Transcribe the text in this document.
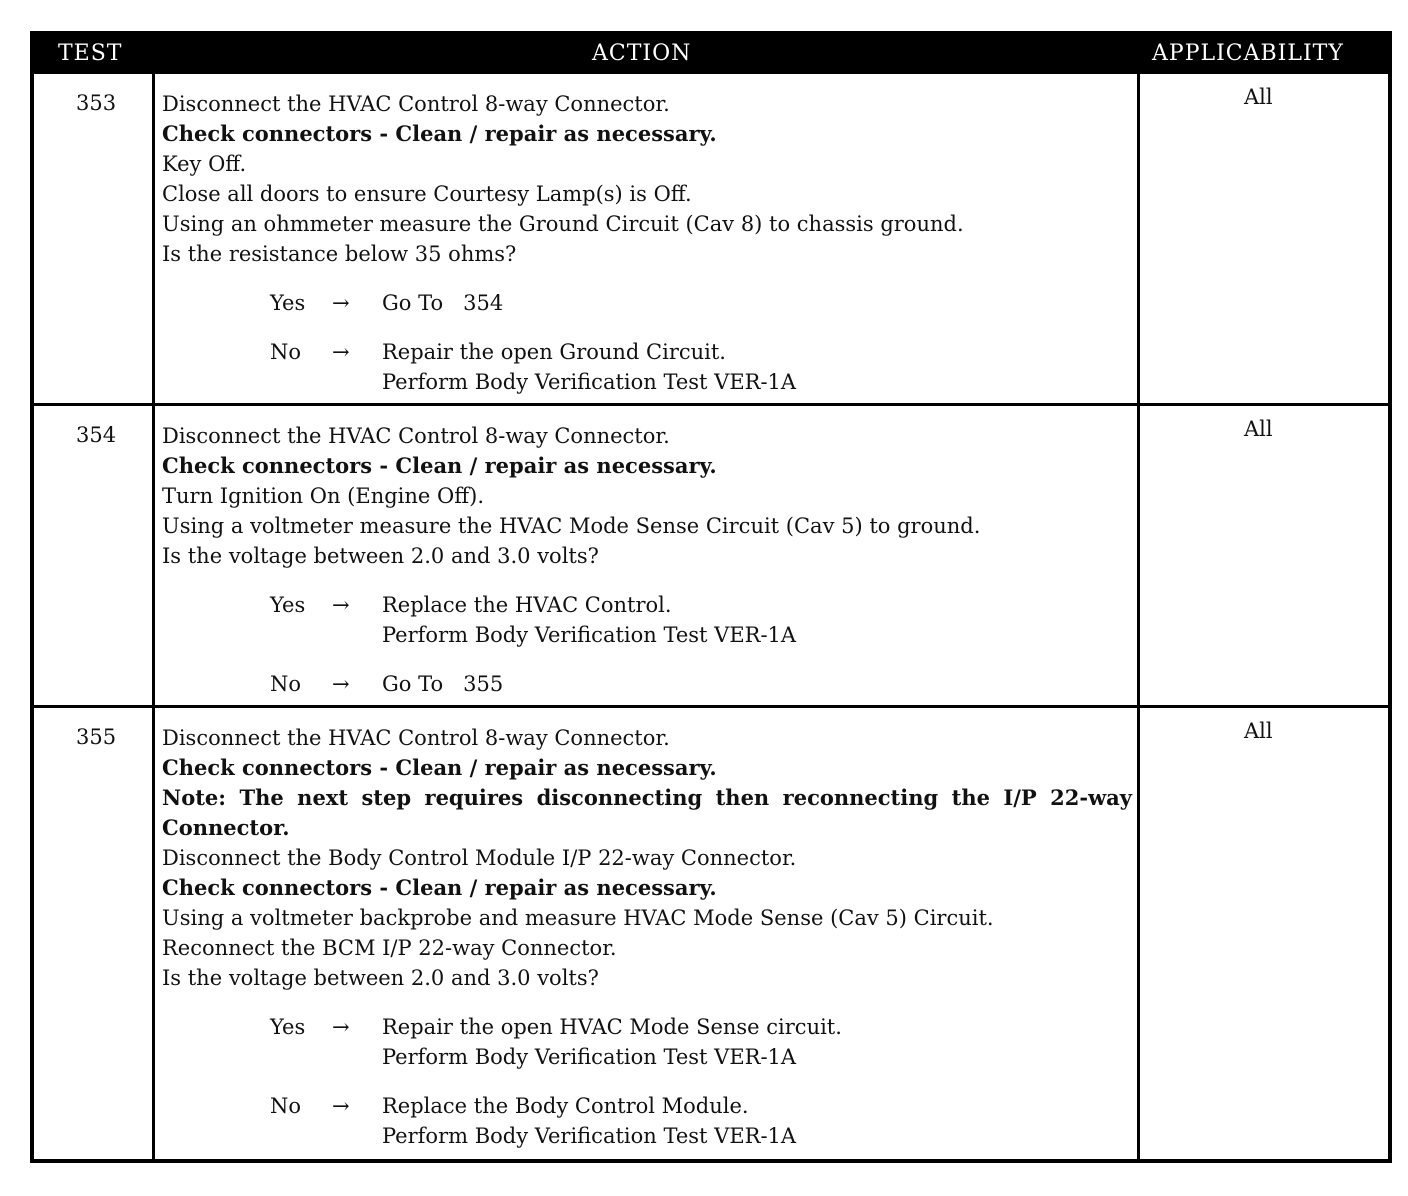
TEST	ACTION	APPLICABILITY
353 Disconnect the HVAC Control 8-way Connector.
Check connectors - Clean / repair as necessary.
Key Off.
Close all doors to ensure Courtesy Lamp(s) is Off.
Using an ohmmeter measure the Ground Circuit (Cav 8) to chassis ground.
Is the resistance below 35 ohms?
Yes → Go To   354
No → Repair the open Ground Circuit.
Perform Body Verification Test VER-1A
All
354 Disconnect the HVAC Control 8-way Connector.
Check connectors - Clean / repair as necessary.
Turn Ignition On (Engine Off).
Using a voltmeter measure the HVAC Mode Sense Circuit (Cav 5) to ground.
Is the voltage between 2.0 and 3.0 volts?
Yes → Replace the HVAC Control.
Perform Body Verification Test VER-1A
No → Go To   355
All
355 Disconnect the HVAC Control 8-way Connector.
Check connectors - Clean / repair as necessary.
Note: The next step requires disconnecting then reconnecting the I/P 22-way Connector.
Disconnect the Body Control Module I/P 22-way Connector.
Check connectors - Clean / repair as necessary.
Using a voltmeter backprobe and measure HVAC Mode Sense (Cav 5) Circuit.
Reconnect the BCM I/P 22-way Connector.
Is the voltage between 2.0 and 3.0 volts?
Yes → Repair the open HVAC Mode Sense circuit.
Perform Body Verification Test VER-1A
No → Replace the Body Control Module.
Perform Body Verification Test VER-1A
All
